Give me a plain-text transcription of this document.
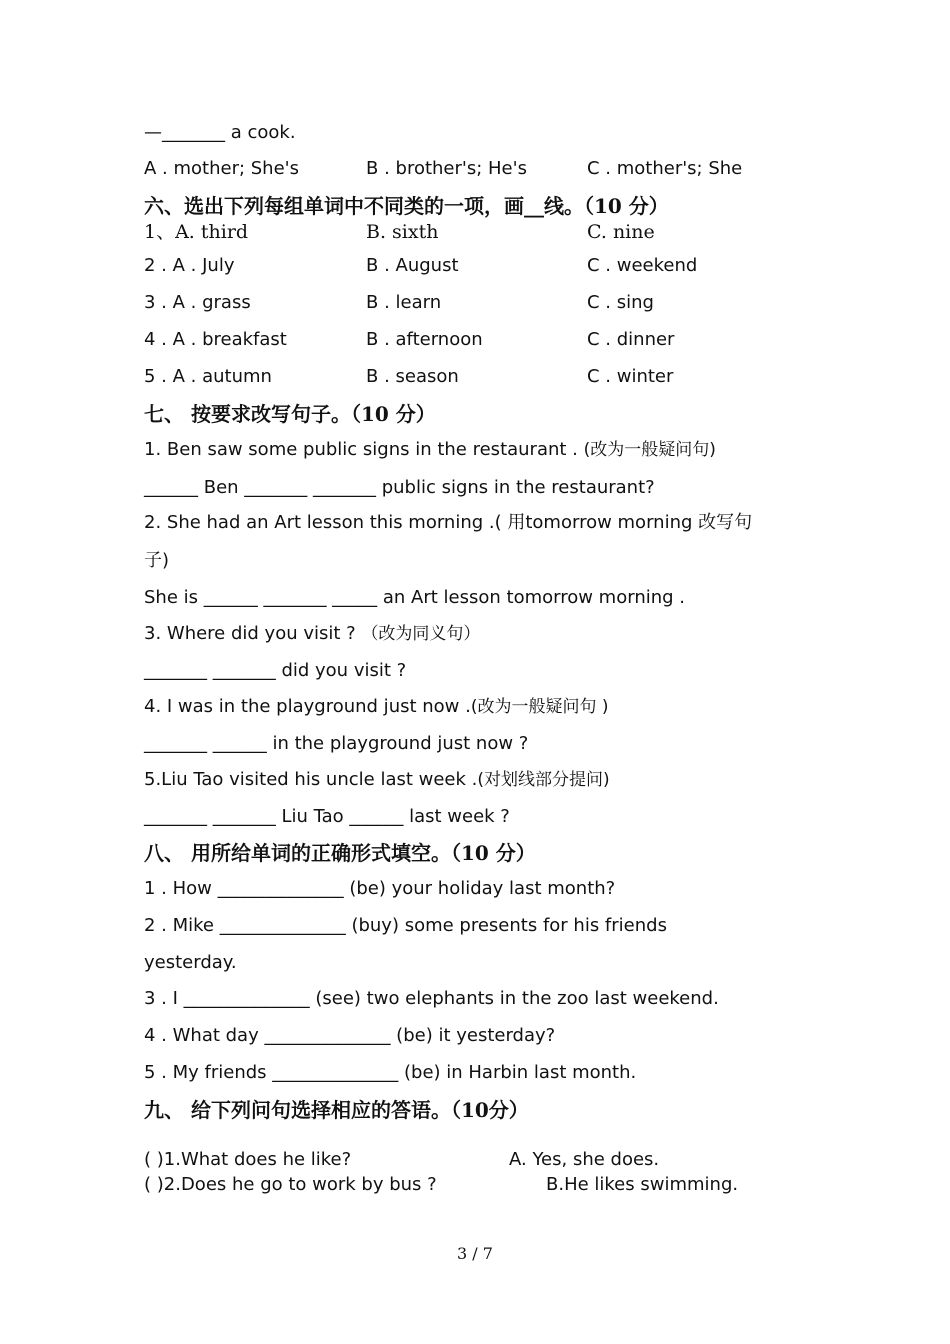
—_______ a cook.
A . mother; She's	B . brother's; He's	C . mother's; She
六、选出下列每组单词中不同类的一项，画__线。（10 分）
1、A. third	B. sixth	C. nine
2 . A . July	B . August	C . weekend
3 . A . grass	B . learn	C . sing
4 . A . breakfast	B . afternoon	C . dinner
5 . A . autumn	B . season	C . winter
七、 按要求改写句子。（10 分）
1. Ben saw some public signs in the restaurant . (改为一般疑问句)
______ Ben _______ _______ public signs in the restaurant?
2. She had an Art lesson this morning .( 用tomorrow morning 改写句
子)
She is ______ _______ _____ an Art lesson tomorrow morning .
3. Where did you visit ? （改为同义句）
_______ _______ did you visit ?
4. I was in the playground just now .(改为一般疑问句 )
_______ ______ in the playground just now ?
5.Liu Tao visited his uncle last week .(对划线部分提问)
_______ _______ Liu Tao ______ last week ?
八、 用所给单词的正确形式填空。（10 分）
1 . How ______________ (be) your holiday last month?
2 . Mike ______________ (buy) some presents for his friends
yesterday.
3 . I ______________ (see) two elephants in the zoo last weekend.
4 . What day ______________ (be) it yesterday?
5 . My friends ______________ (be) in Harbin last month.
九、 给下列问句选择相应的答语。（10分）
( )1.What does he like?	A. Yes, she does.
( )2.Does he go to work by bus ?	B.He likes swimming.
3 / 7
